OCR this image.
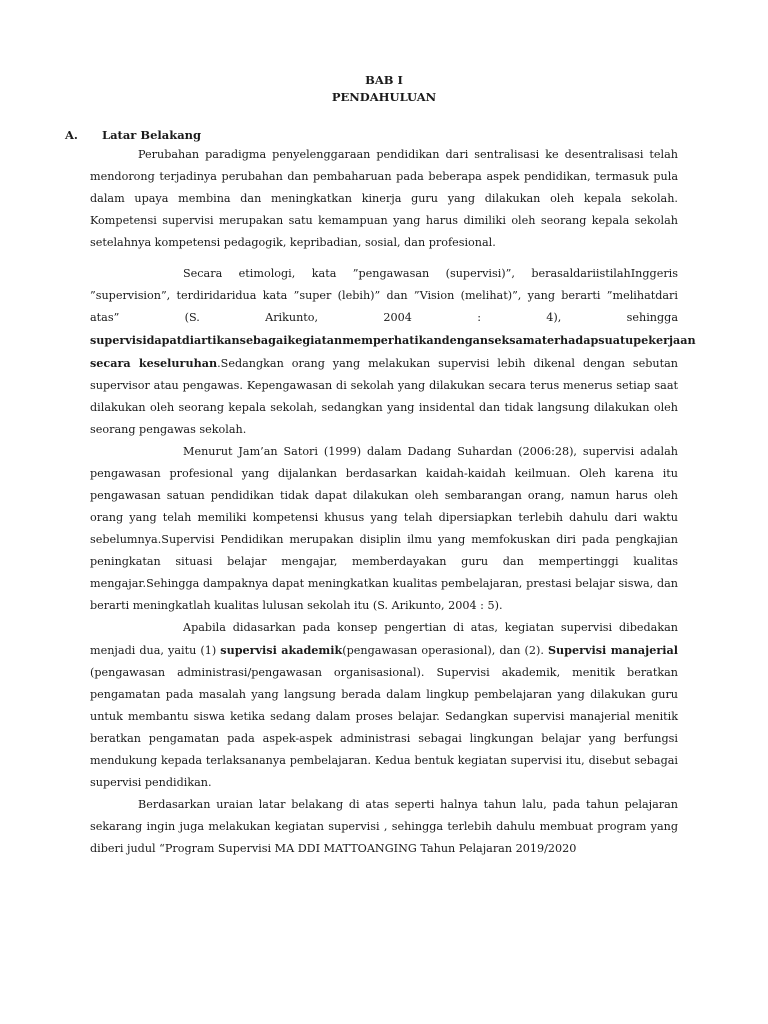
BAB I
PENDAHULUAN
A.	Latar Belakang

Perubahan paradigma penyelenggaraan pendidikan dari sentralisasi ke desentralisasi telah mendorong terjadinya perubahan dan pembaharuan pada beberapa aspek pendidikan, termasuk pula dalam upaya membina dan meningkatkan kinerja guru yang dilakukan oleh kepala sekolah. Kompetensi supervisi merupakan satu kemampuan yang harus dimiliki oleh seorang kepala sekolah setelahnya kompetensi pedagogik, kepribadian, sosial, dan profesional.

Secara etimologi, kata ”pengawasan (supervisi)”, berasaldariistilahInggeris ”supervision”, terdiridaridua kata ”super (lebih)” dan ”Vision (melihat)”, yang berarti ”melihatdari atas” (S. Arikunto, 2004 : 4), sehingga supervisidapatdiartikansebagaikegiatanmemperhatikandenganseksamaterhadapsuatupekerjaan secara keseluruhan.Sedangkan orang yang melakukan supervisi lebih dikenal dengan sebutan supervisor atau pengawas. Kepengawasan di sekolah yang dilakukan secara terus menerus setiap saat dilakukan oleh seorang kepala sekolah, sedangkan yang insidental dan tidak langsung dilakukan oleh seorang pengawas sekolah.

Menurut Jam’an Satori (1999) dalam Dadang Suhardan (2006:28), supervisi adalah pengawasan profesional yang dijalankan berdasarkan kaidah-kaidah keilmuan. Oleh karena itu pengawasan satuan pendidikan tidak dapat dilakukan oleh sembarangan orang, namun harus oleh orang yang telah memiliki kompetensi khusus yang telah dipersiapkan terlebih dahulu dari waktu sebelumnya.Supervisi Pendidikan merupakan disiplin ilmu yang memfokuskan diri pada pengkajian peningkatan situasi belajar mengajar, memberdayakan guru dan mempertinggi kualitas mengajar.Sehingga dampaknya dapat meningkatkan kualitas pembelajaran, prestasi belajar siswa, dan berarti meningkatlah kualitas lulusan sekolah itu (S. Arikunto, 2004 : 5).

Apabila didasarkan pada konsep pengertian di atas, kegiatan supervisi dibedakan menjadi dua, yaitu (1) supervisi akademik(pengawasan operasional), dan (2). Supervisi manajerial (pengawasan administrasi/pengawasan organisasional). Supervisi akademik, menitik beratkan pengamatan pada masalah yang langsung berada dalam lingkup pembelajaran yang dilakukan guru untuk membantu siswa ketika sedang dalam proses belajar. Sedangkan supervisi manajerial menitik beratkan pengamatan pada aspek-aspek administrasi sebagai lingkungan belajar yang berfungsi mendukung kepada terlaksananya pembelajaran. Kedua bentuk kegiatan supervisi itu, disebut sebagai supervisi pendidikan.

Berdasarkan uraian latar belakang di atas seperti halnya tahun lalu, pada tahun pelajaran sekarang ingin juga melakukan kegiatan supervisi , sehingga terlebih dahulu membuat program yang diberi judul “Program Supervisi MA DDI MATTOANGING Tahun Pelajaran 2019/2020
